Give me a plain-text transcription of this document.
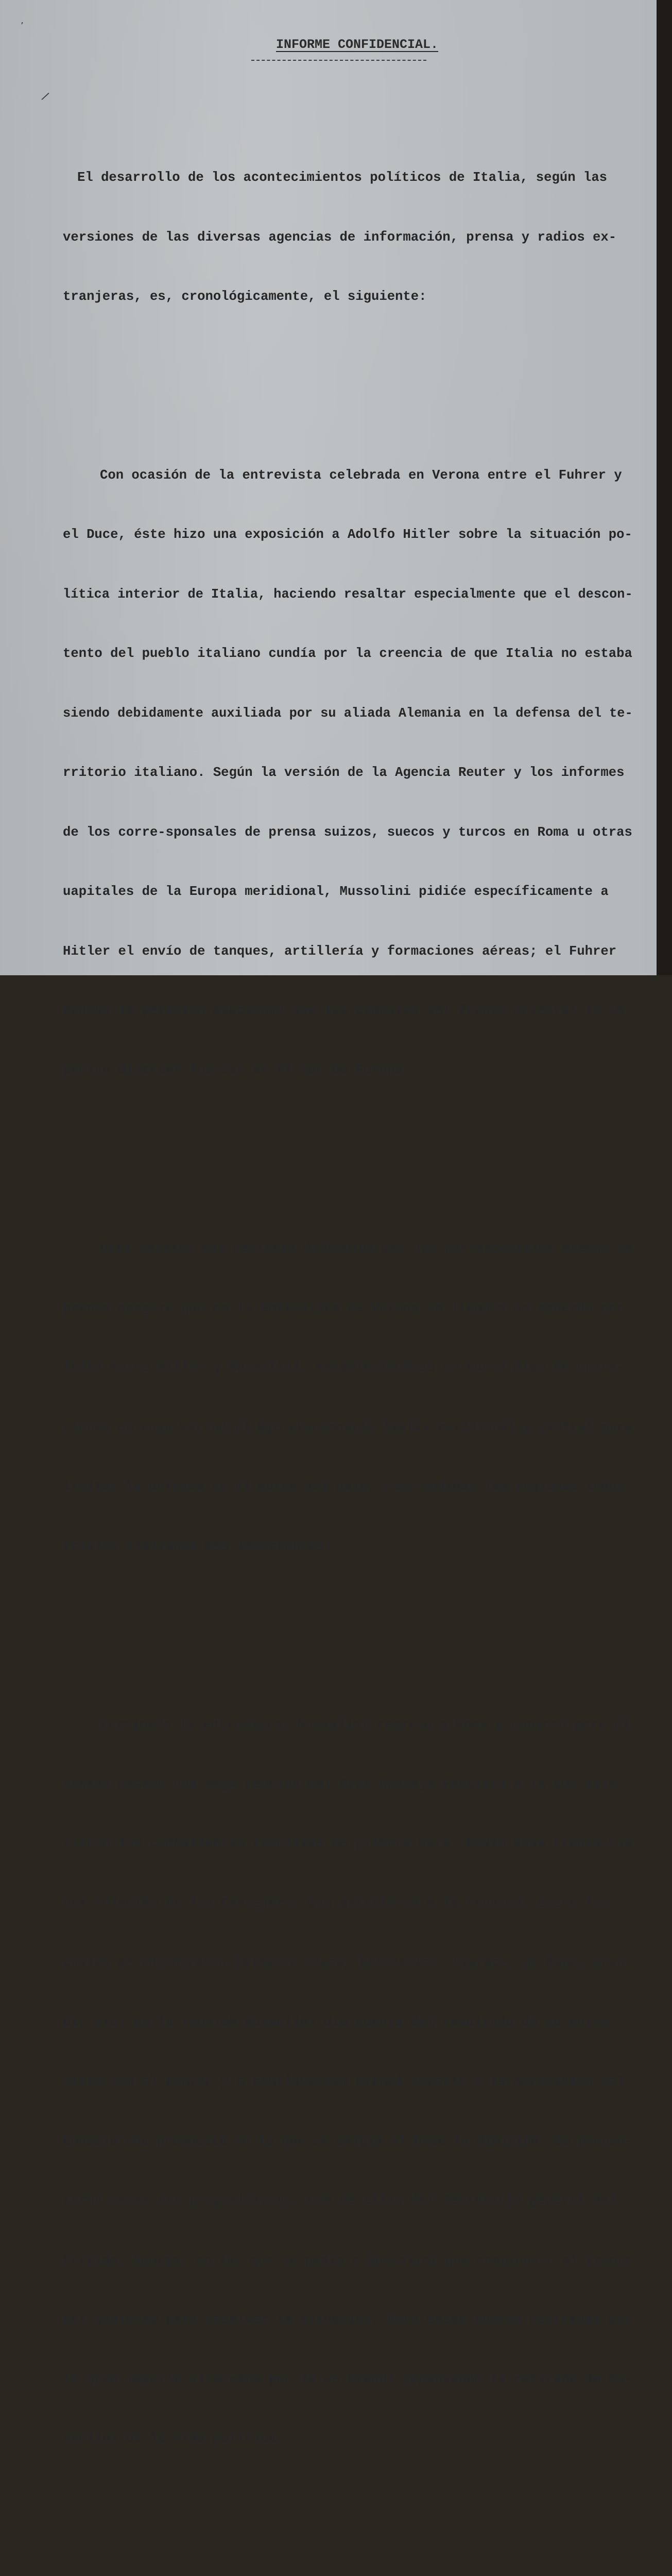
’
/
INFORME CONFIDENCIAL.

El desarrollo de los acontecimientos políticos de Italia, según las

versiones de las diversas agencias de información, prensa y radios ex-

tranjeras, es, cronológicamente, el siguiente:

Con ocasión de la entrevista celebrada en Verona entre el Fuhrer y

el Duce, éste hizo una exposición a Adolfo Hitler sobre la situación po-

lítica interior de Italia, haciendo resaltar especialmente que el descon-

tento del pueblo italiano cundía por la creencia de que Italia no estaba

siendo debidamente auxiliada por su aliada Alemania en la defensa del te-

rritorio italiano. Según la versión de la Agencia Reuter y los informes

de los corre-sponsales de prensa suizos, suecos y turcos en Roma u otras

uapitales de la Europa meridional, Mussolini pidiće específicamente a

Hitler el envío de tanques, artillería y formaciones aéreas; el Fuhrer

denegó la petición aduciendo que los combates del frente oriental le im-

pedían distraer fuerzas en el Sur de Europa.

Otra versión más reciente difundida por los corresponsales suecos de

prensa asegura que en la entrevista de Verona se llegó a un acuerdo per-

fecto entre Hitler y Mussolini, estableciéndose un nuevo plan de opera-

ciones en cuya virtud el Eje abandonaría Italia meridional y central para

limitar la defensa xx al Norte del país, comprendidas las regiones indus-

triales italianas más importantes.

Terminada la entrevista, Mussolini regresó a Roma y convocó para el

sábado pasado una xmgx reunión del Gran Consejo Fascista a la que asis-

tieron los combatientes fascistas de primera hora. Radio Roma transmitió

una relación de los Consejeros que asistieron a la reunión, entre los

cuales se encontraban Galeazzo Ciano, Bastianini, Starace, de Bono, Gran-

di, etc. En la reunión Mussolini dió cuenta del resultado de su entre-

vista con el Fuhrer y a continuación Grandi sometió a la aprobación del

Consejo una propuesta en la que se exigía al Duce la dimisión. Se presen-

taron otras dos proposiciones, una de ellas del Secretario general del

Partido, Scorza, en las que se pedía a Mussolini que continuase al frente

del gobierno para resolver la situación. Pero estas fueron retiradas por

la gran mayoría alcanzada por la de Grandi imponiendo la retirada de Mu-

ssolini de la vida política.
